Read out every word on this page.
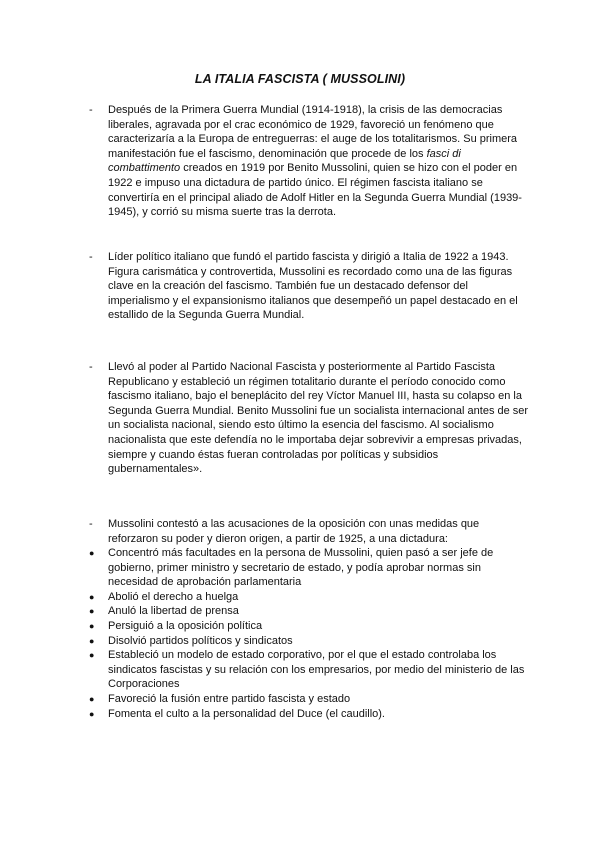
LA ITALIA FASCISTA ( MUSSOLINI)
- Después de la Primera Guerra Mundial (1914-1918), la crisis de las democracias liberales, agravada por el crac económico de 1929, favoreció un fenómeno que caracterizaría a la Europa de entreguerras: el auge de los totalitarismos. Su primera manifestación fue el fascismo, denominación que procede de los fasci di combattimento creados en 1919 por Benito Mussolini, quien se hizo con el poder en 1922 e impuso una dictadura de partido único. El régimen fascista italiano se convertiría en el principal aliado de Adolf Hitler en la Segunda Guerra Mundial (1939-1945), y corrió su misma suerte tras la derrota.
- Líder político italiano que fundó el partido fascista y dirigió a Italia de 1922 a 1943. Figura carismática y controvertida, Mussolini es recordado como una de las figuras clave en la creación del fascismo. También fue un destacado defensor del imperialismo y el expansionismo italianos que desempeñó un papel destacado en el estallido de la Segunda Guerra Mundial.
- Llevó al poder al Partido Nacional Fascista y posteriormente al Partido Fascista Republicano y estableció un régimen totalitario durante el período conocido como fascismo italiano, bajo el beneplácito del rey Víctor Manuel III, hasta su colapso en la Segunda Guerra Mundial. Benito Mussolini fue un socialista internacional antes de ser un socialista nacional, siendo esto último la esencia del fascismo. Al socialismo nacionalista que este defendía no le importaba dejar sobrevivir a empresas privadas, siempre y cuando éstas fueran controladas por políticas y subsidios gubernamentales».
- Mussolini contestó a las acusaciones de la oposición con unas medidas que reforzaron su poder y dieron origen, a partir de 1925, a una dictadura:
● Concentró más facultades en la persona de Mussolini, quien pasó a ser jefe de gobierno, primer ministro y secretario de estado, y podía aprobar normas sin necesidad de aprobación parlamentaria
● Abolió el derecho a huelga
● Anuló la libertad de prensa
● Persiguió a la oposición política
● Disolvió partidos políticos y sindicatos
● Estableció un modelo de estado corporativo, por el que el estado controlaba los sindicatos fascistas y su relación con los empresarios, por medio del ministerio de las Corporaciones
● Favoreció la fusión entre partido fascista y estado
● Fomenta el culto a la personalidad del Duce (el caudillo).
